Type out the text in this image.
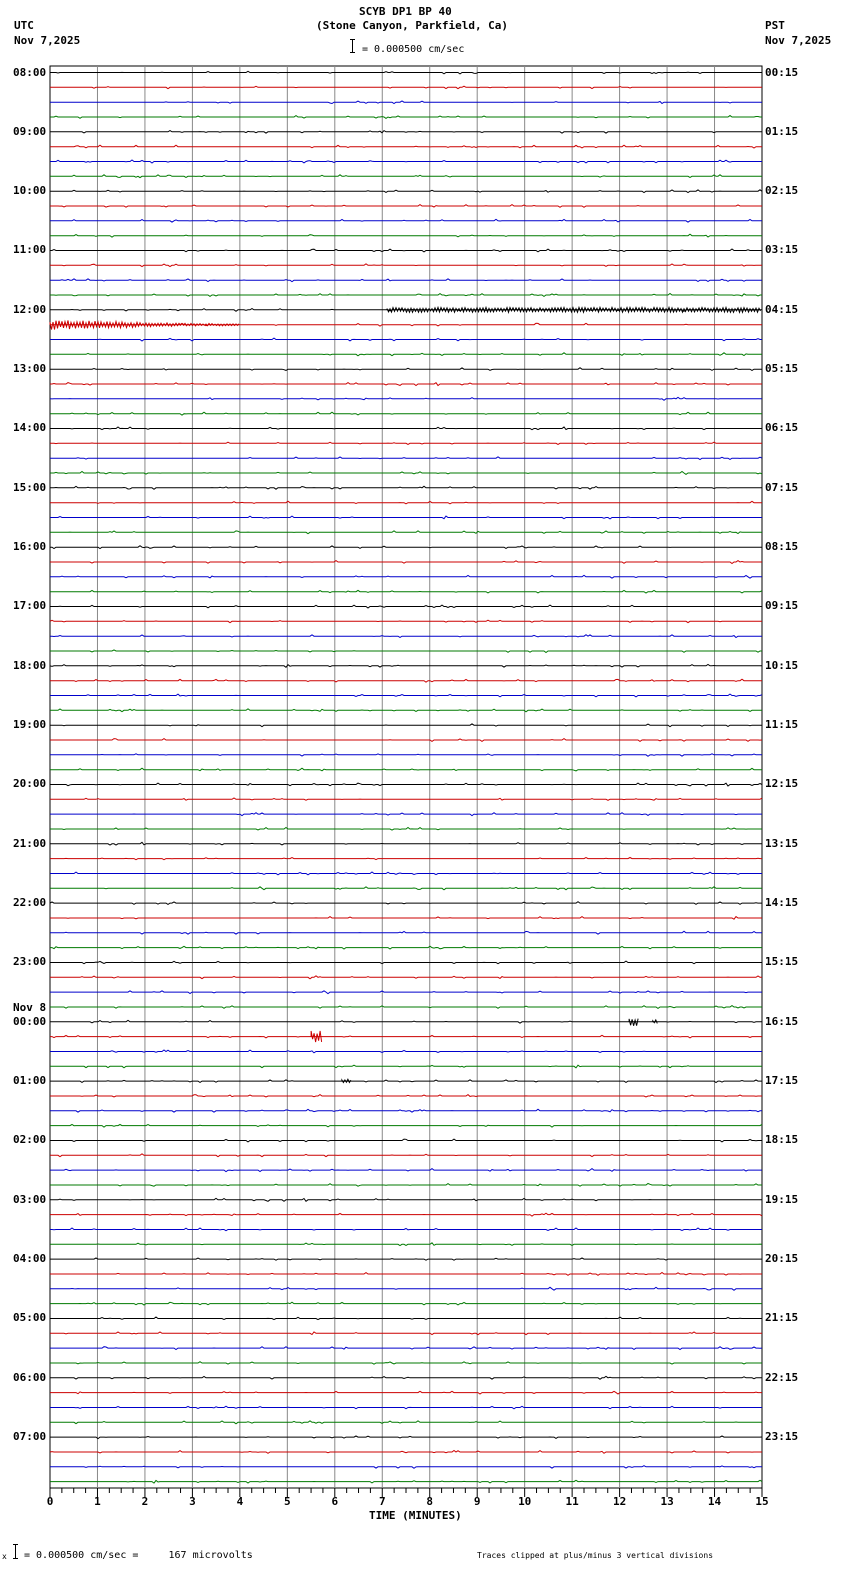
SCYB DP1 BP 40
(Stone Canyon, Parkfield, Ca)
= 0.000500 cm/sec
UTC
Nov 7,2025
PST
Nov 7,2025
08:00
09:00
10:00
11:00
12:00
13:00
14:00
15:00
16:00
17:00
18:00
19:00
20:00
21:00
22:00
23:00
00:00
Nov 8
01:00
02:00
03:00
04:00
05:00
06:00
07:00
00:15
01:15
02:15
03:15
04:15
05:15
06:15
07:15
08:15
09:15
10:15
11:15
12:15
13:15
14:15
15:15
16:15
17:15
18:15
19:15
20:15
21:15
22:15
23:15
0	1	2	3	4	5	6	7	8	9	10	11	12	13	14	15
TIME (MINUTES)
x = 0.000500 cm/sec =     167 microvolts	Traces clipped at plus/minus 3 vertical divisions
